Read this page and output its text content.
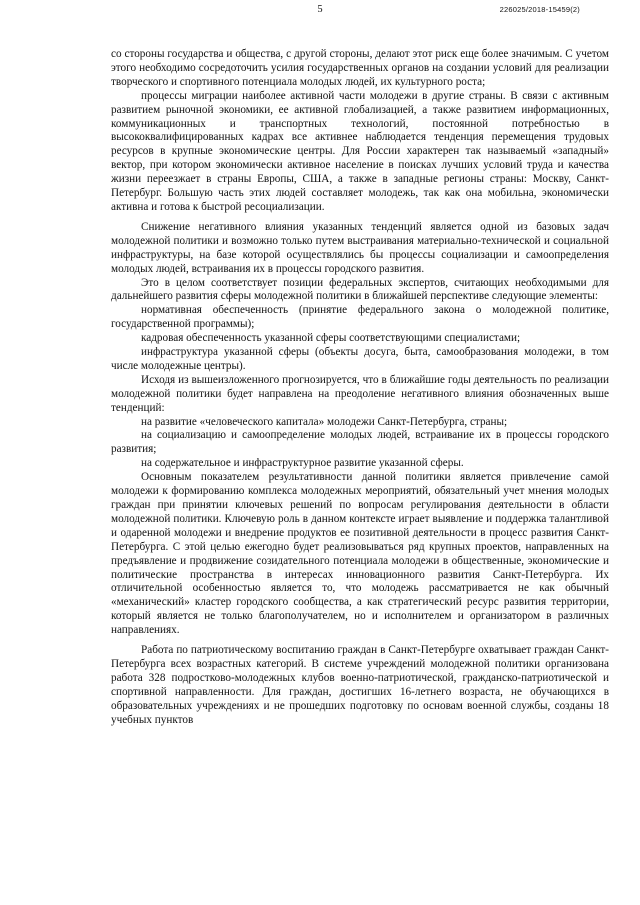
5	226025/2018-15459(2)

со стороны государства и общества, с другой стороны, делают этот риск еще более значимым. С учетом этого необходимо сосредоточить усилия государственных органов на создании условий для реализации творческого и спортивного потенциала молодых людей, их культурного роста;

процессы миграции наиболее активной части молодежи в другие страны. В связи с активным развитием рыночной экономики, ее активной глобализацией, а также развитием информационных, коммуникационных и транспортных технологий, постоянной потребностью в высококвалифицированных кадрах все активнее наблюдается тенденция перемещения трудовых ресурсов в крупные экономические центры. Для России характерен так называемый «западный» вектор, при котором экономически активное население в поисках лучших условий труда и качества жизни переезжает в страны Европы, США, а также в западные регионы страны: Москву, Санкт-Петербург. Большую часть этих людей составляет молодежь, так как она мобильна, экономически активна и готова к быстрой ресоциализации.

Снижение негативного влияния указанных тенденций является одной из базовых задач молодежной политики и возможно только путем выстраивания материально-технической и социальной инфраструктуры, на базе которой осуществлялись бы процессы социализации и самоопределения молодых людей, встраивания их в процессы городского развития.

Это в целом соответствует позиции федеральных экспертов, считающих необходимыми для дальнейшего развития сферы молодежной политики в ближайшей перспективе следующие элементы:

нормативная обеспеченность (принятие федерального закона о молодежной политике, государственной программы);

кадровая обеспеченность указанной сферы соответствующими специалистами;

инфраструктура указанной сферы (объекты досуга, быта, самообразования молодежи, в том числе молодежные центры).

Исходя из вышеизложенного прогнозируется, что в ближайшие годы деятельность по реализации молодежной политики будет направлена на преодоление негативного влияния обозначенных выше тенденций:

на развитие «человеческого капитала» молодежи Санкт-Петербурга, страны;

на социализацию и самоопределение молодых людей, встраивание их в процессы городского развития;

на содержательное и инфраструктурное развитие указанной сферы.

Основным показателем результативности данной политики является привлечение самой молодежи к формированию комплекса молодежных мероприятий, обязательный учет мнения молодых граждан при принятии ключевых решений по вопросам регулирования деятельности в области молодежной политики. Ключевую роль в данном контексте играет выявление и поддержка талантливой и одаренной молодежи и внедрение продуктов ее позитивной деятельности в процесс развития Санкт-Петербурга. С этой целью ежегодно будет реализовываться ряд крупных проектов, направленных на предъявление и продвижение созидательного потенциала молодежи в общественные, экономические и политические пространства в интересах инновационного развития Санкт-Петербурга. Их отличительной особенностью является то, что молодежь рассматривается не как обычный «механический» кластер городского сообщества, а как стратегический ресурс развития территории, который является не только благополучателем, но и исполнителем и организатором в различных направлениях.

Работа по патриотическому воспитанию граждан в Санкт-Петербурге охватывает граждан Санкт-Петербурга всех возрастных категорий. В системе учреждений молодежной политики организована работа 328 подростково-молодежных клубов военно-патриотической, гражданско-патриотической и спортивной направленности. Для граждан, достигших 16-летнего возраста, не обучающихся в образовательных учреждениях и не прошедших подготовку по основам военной службы, созданы 18 учебных пунктов
